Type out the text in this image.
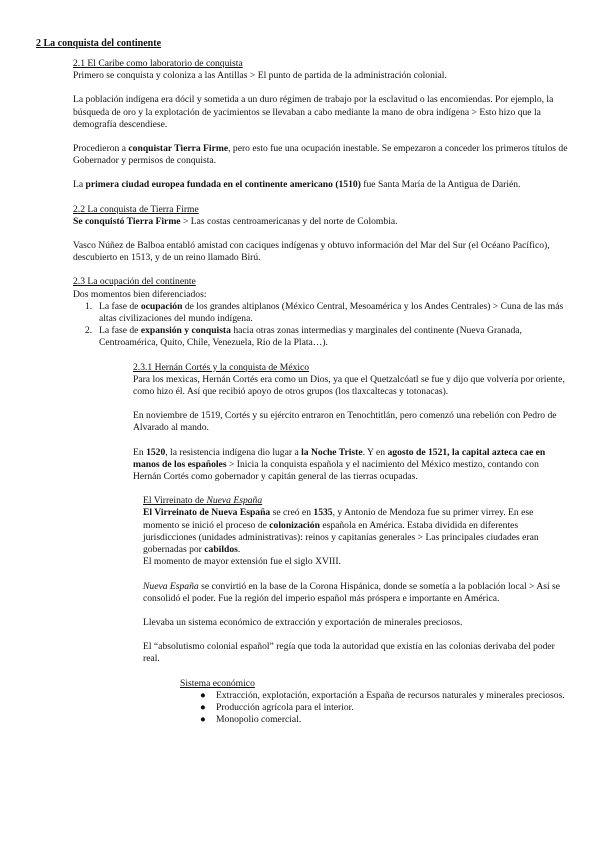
2 La conquista del continente

2.1 El Caribe como laboratorio de conquista

Primero se conquista y coloniza a las Antillas > El punto de partida de la administración colonial.

La población indígena era dócil y sometida a un duro régimen de trabajo por la esclavitud o las encomiendas. Por ejemplo, la búsqueda de oro y la explotación de yacimientos se llevaban a cabo mediante la mano de obra indígena > Esto hizo que la demografía descendiese.

Procedieron a conquistar Tierra Firme, pero esto fue una ocupación inestable. Se empezaron a conceder los primeros títulos de Gobernador y permisos de conquista.

La primera ciudad europea fundada en el continente americano (1510) fue Santa María de la Antigua de Darién.

2.2 La conquista de Tierra Firme

Se conquistó Tierra Firme > Las costas centroamericanas y del norte de Colombia.

Vasco Núñez de Balboa entabló amistad con caciques indígenas y obtuvo información del Mar del Sur (el Océano Pacífico), descubierto en 1513, y de un reino llamado Birú.

2.3 La ocupación del continente

Dos momentos bien diferenciados:

1. La fase de ocupación de los grandes altiplanos (México Central, Mesoamérica y los Andes Centrales) > Cuna de las más altas civilizaciones del mundo indígena.
2. La fase de expansión y conquista hacia otras zonas intermedias y marginales del continente (Nueva Granada, Centroamérica, Quito, Chile, Venezuela, Río de la Plata…).

2.3.1 Hernán Cortés y la conquista de México

Para los mexicas, Hernán Cortés era como un Dios, ya que el Quetzalcóatl se fue y dijo que volvería por oriente, como hizo él. Así que recibió apoyo de otros grupos (los tlaxcaltecas y totonacas).

En noviembre de 1519, Cortés y su ejército entraron en Tenochtitlán, pero comenzó una rebelión con Pedro de Alvarado al mando.

En 1520, la resistencia indígena dio lugar a la Noche Triste. Y en agosto de 1521, la capital azteca cae en manos de los españoles > Inicia la conquista española y el nacimiento del México mestizo, contando con Hernán Cortés como gobernador y capitán general de las tierras ocupadas.

El Virreinato de Nueva España

El Virreinato de Nueva España se creó en 1535, y Antonio de Mendoza fue su primer virrey. En ese momento se inició el proceso de colonización española en América. Estaba dividida en diferentes jurisdicciones (unidades administrativas): reinos y capitanías generales > Las principales ciudades eran gobernadas por cabildos.

El momento de mayor extensión fue el siglo XVIII.

Nueva España se convirtió en la base de la Corona Hispánica, donde se sometía a la población local > Así se consolidó el poder. Fue la región del imperio español más próspera e importante en América.

Llevaba un sistema económico de extracción y exportación de minerales preciosos.

El “absolutismo colonial español” regía que toda la autoridad que existía en las colonias derivaba del poder real.

Sistema económico

● Extracción, explotación, exportación a España de recursos naturales y minerales preciosos.
● Producción agrícola para el interior.
● Monopolio comercial.
